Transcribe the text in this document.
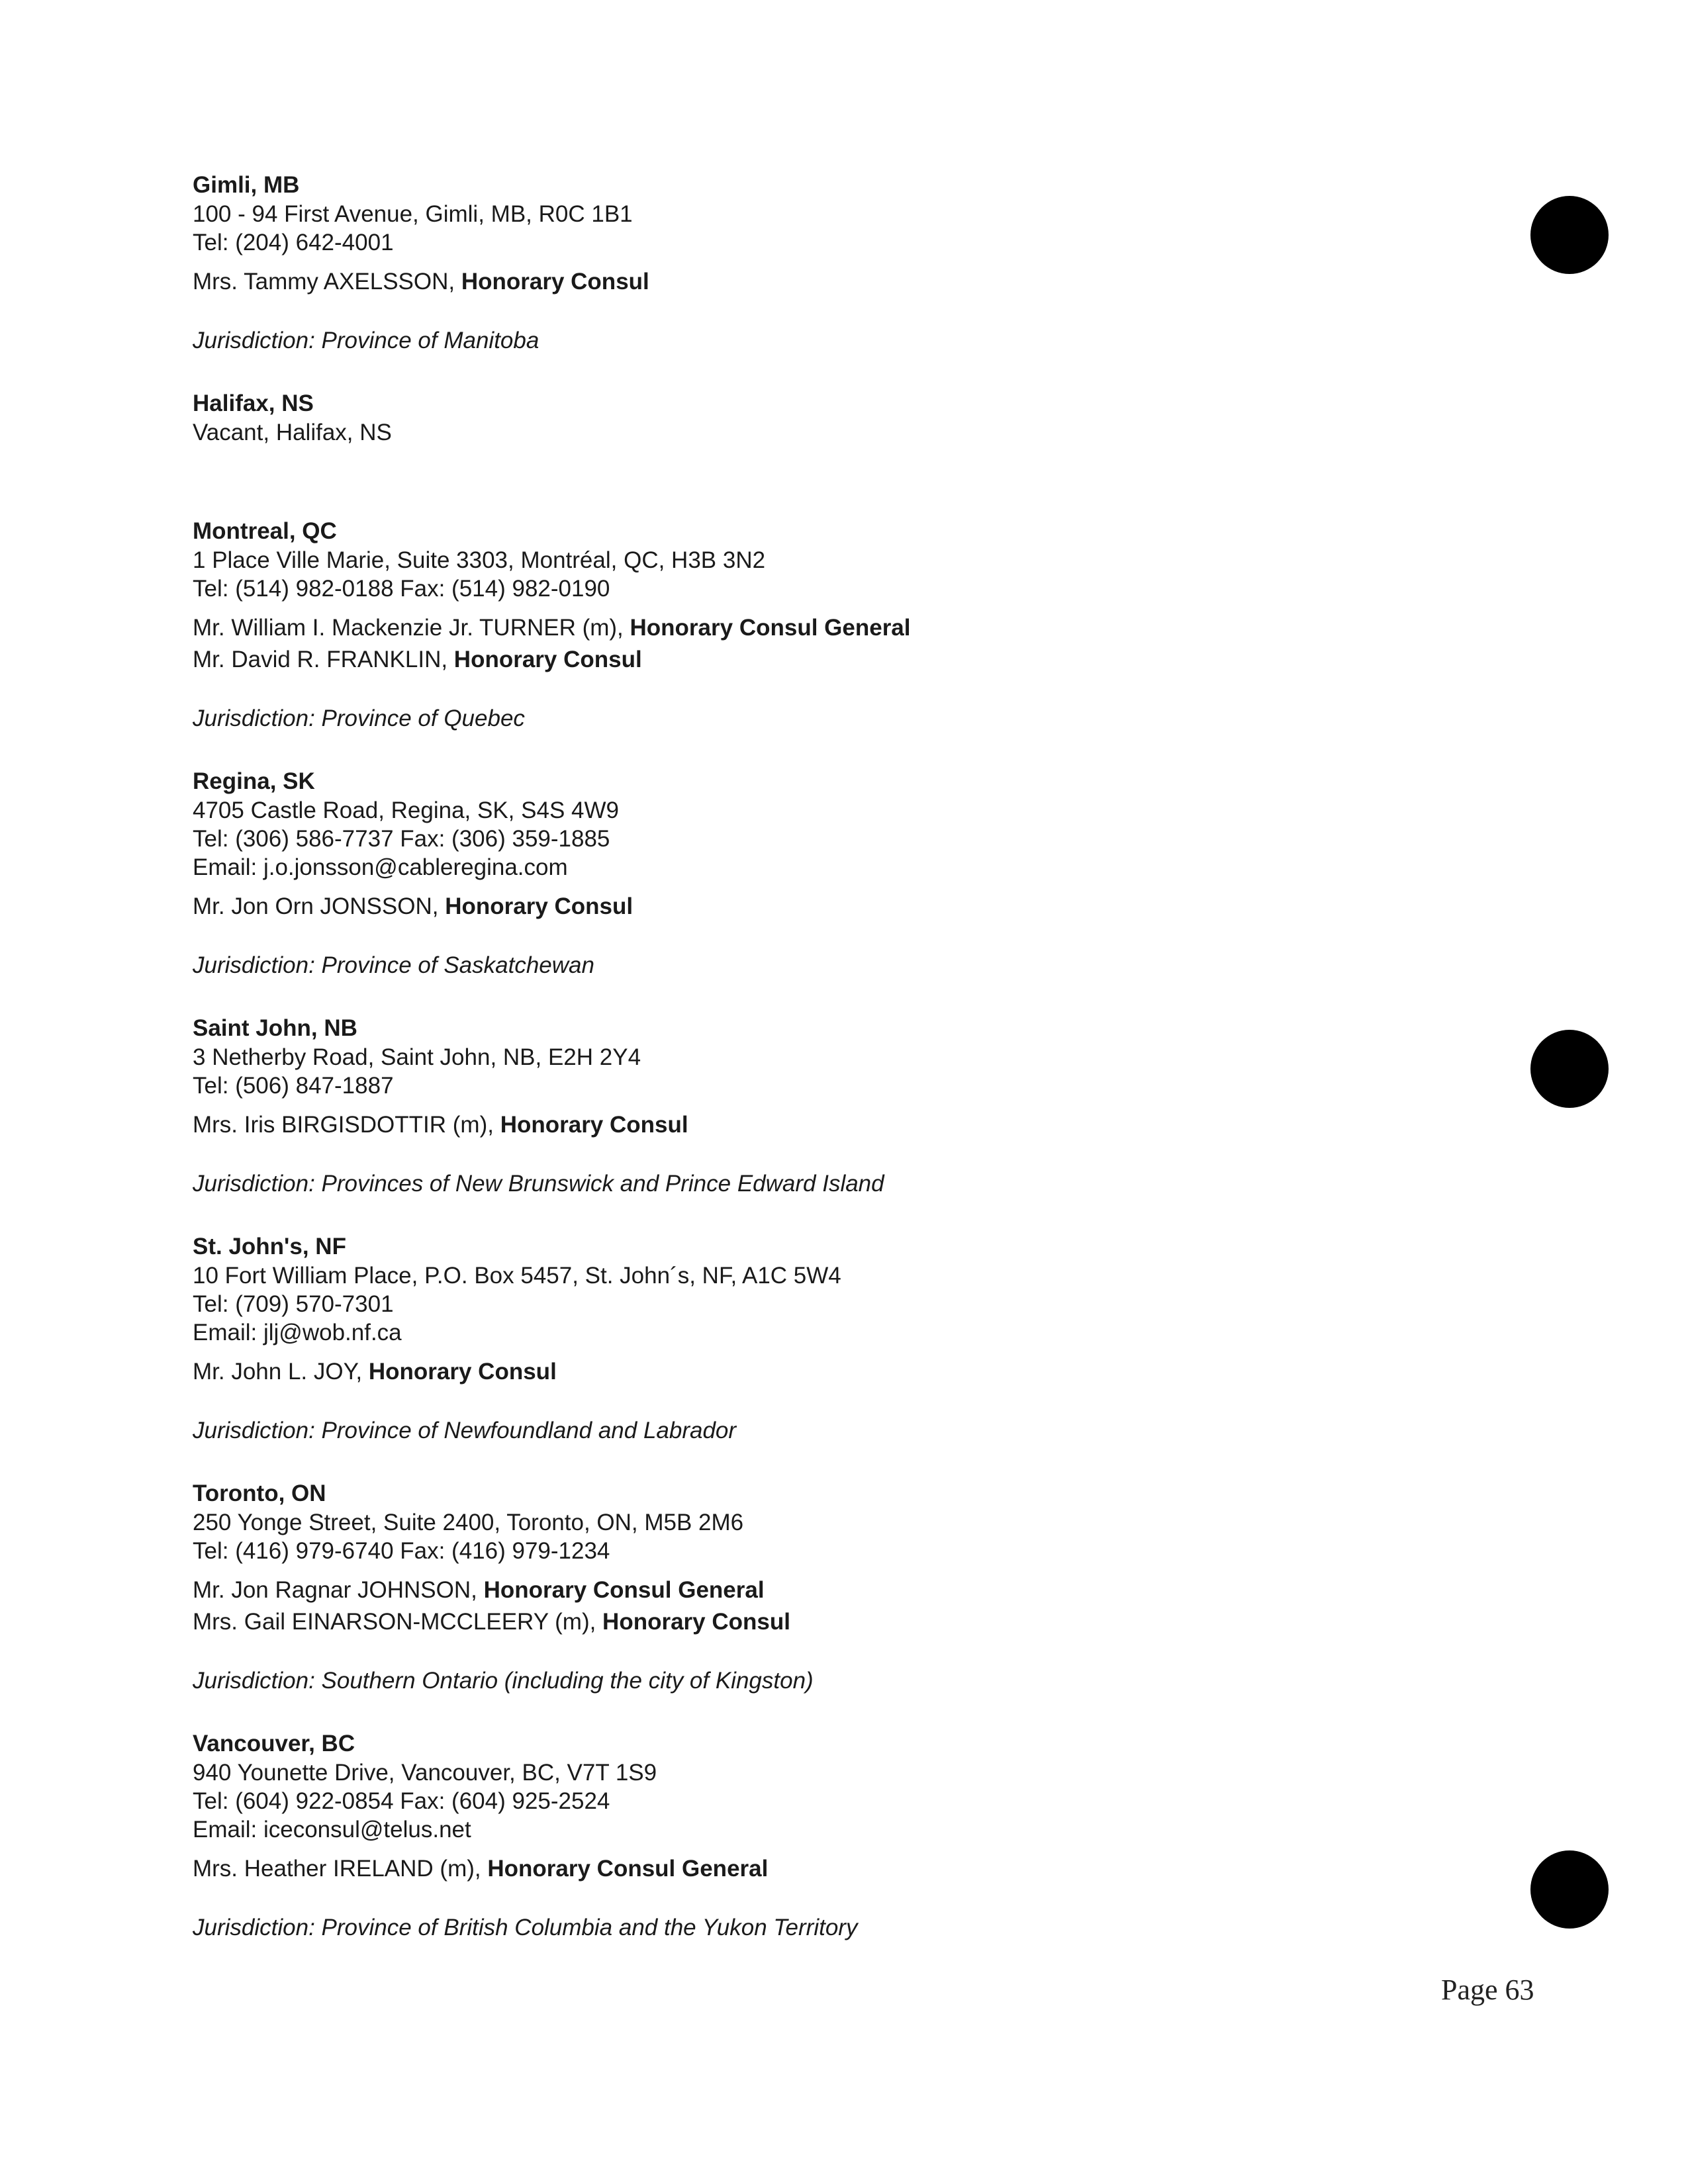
Gimli, MB
100 - 94 First Avenue, Gimli, MB, R0C 1B1
Tel: (204) 642-4001
Mrs. Tammy AXELSSON, Honorary Consul
Jurisdiction: Province of Manitoba
Halifax, NS
Vacant, Halifax, NS
Montreal, QC
1 Place Ville Marie, Suite 3303, Montréal, QC, H3B 3N2
Tel: (514) 982-0188 Fax: (514) 982-0190
Mr. William I. Mackenzie Jr. TURNER (m), Honorary Consul General
Mr. David R. FRANKLIN, Honorary Consul
Jurisdiction: Province of Quebec
Regina, SK
4705 Castle Road, Regina, SK, S4S 4W9
Tel: (306) 586-7737 Fax: (306) 359-1885
Email: j.o.jonsson@cableregina.com
Mr. Jon Orn JONSSON, Honorary Consul
Jurisdiction: Province of Saskatchewan
Saint John, NB
3 Netherby Road, Saint John, NB, E2H 2Y4
Tel: (506) 847-1887
Mrs. Iris BIRGISDOTTIR (m), Honorary Consul
Jurisdiction: Provinces of New Brunswick and Prince Edward Island
St. John's, NF
10 Fort William Place, P.O. Box 5457, St. John´s, NF, A1C 5W4
Tel: (709) 570-7301
Email: jlj@wob.nf.ca
Mr. John L. JOY, Honorary Consul
Jurisdiction: Province of Newfoundland and Labrador
Toronto, ON
250 Yonge Street, Suite 2400, Toronto, ON, M5B 2M6
Tel: (416) 979-6740 Fax: (416) 979-1234
Mr. Jon Ragnar JOHNSON, Honorary Consul General
Mrs. Gail EINARSON-MCCLEERY (m), Honorary Consul
Jurisdiction: Southern Ontario (including the city of Kingston)
Vancouver, BC
940 Younette Drive, Vancouver, BC, V7T 1S9
Tel: (604) 922-0854 Fax: (604) 925-2524
Email: iceconsul@telus.net
Mrs. Heather IRELAND (m), Honorary Consul General
Jurisdiction: Province of British Columbia and the Yukon Territory
Page 63
